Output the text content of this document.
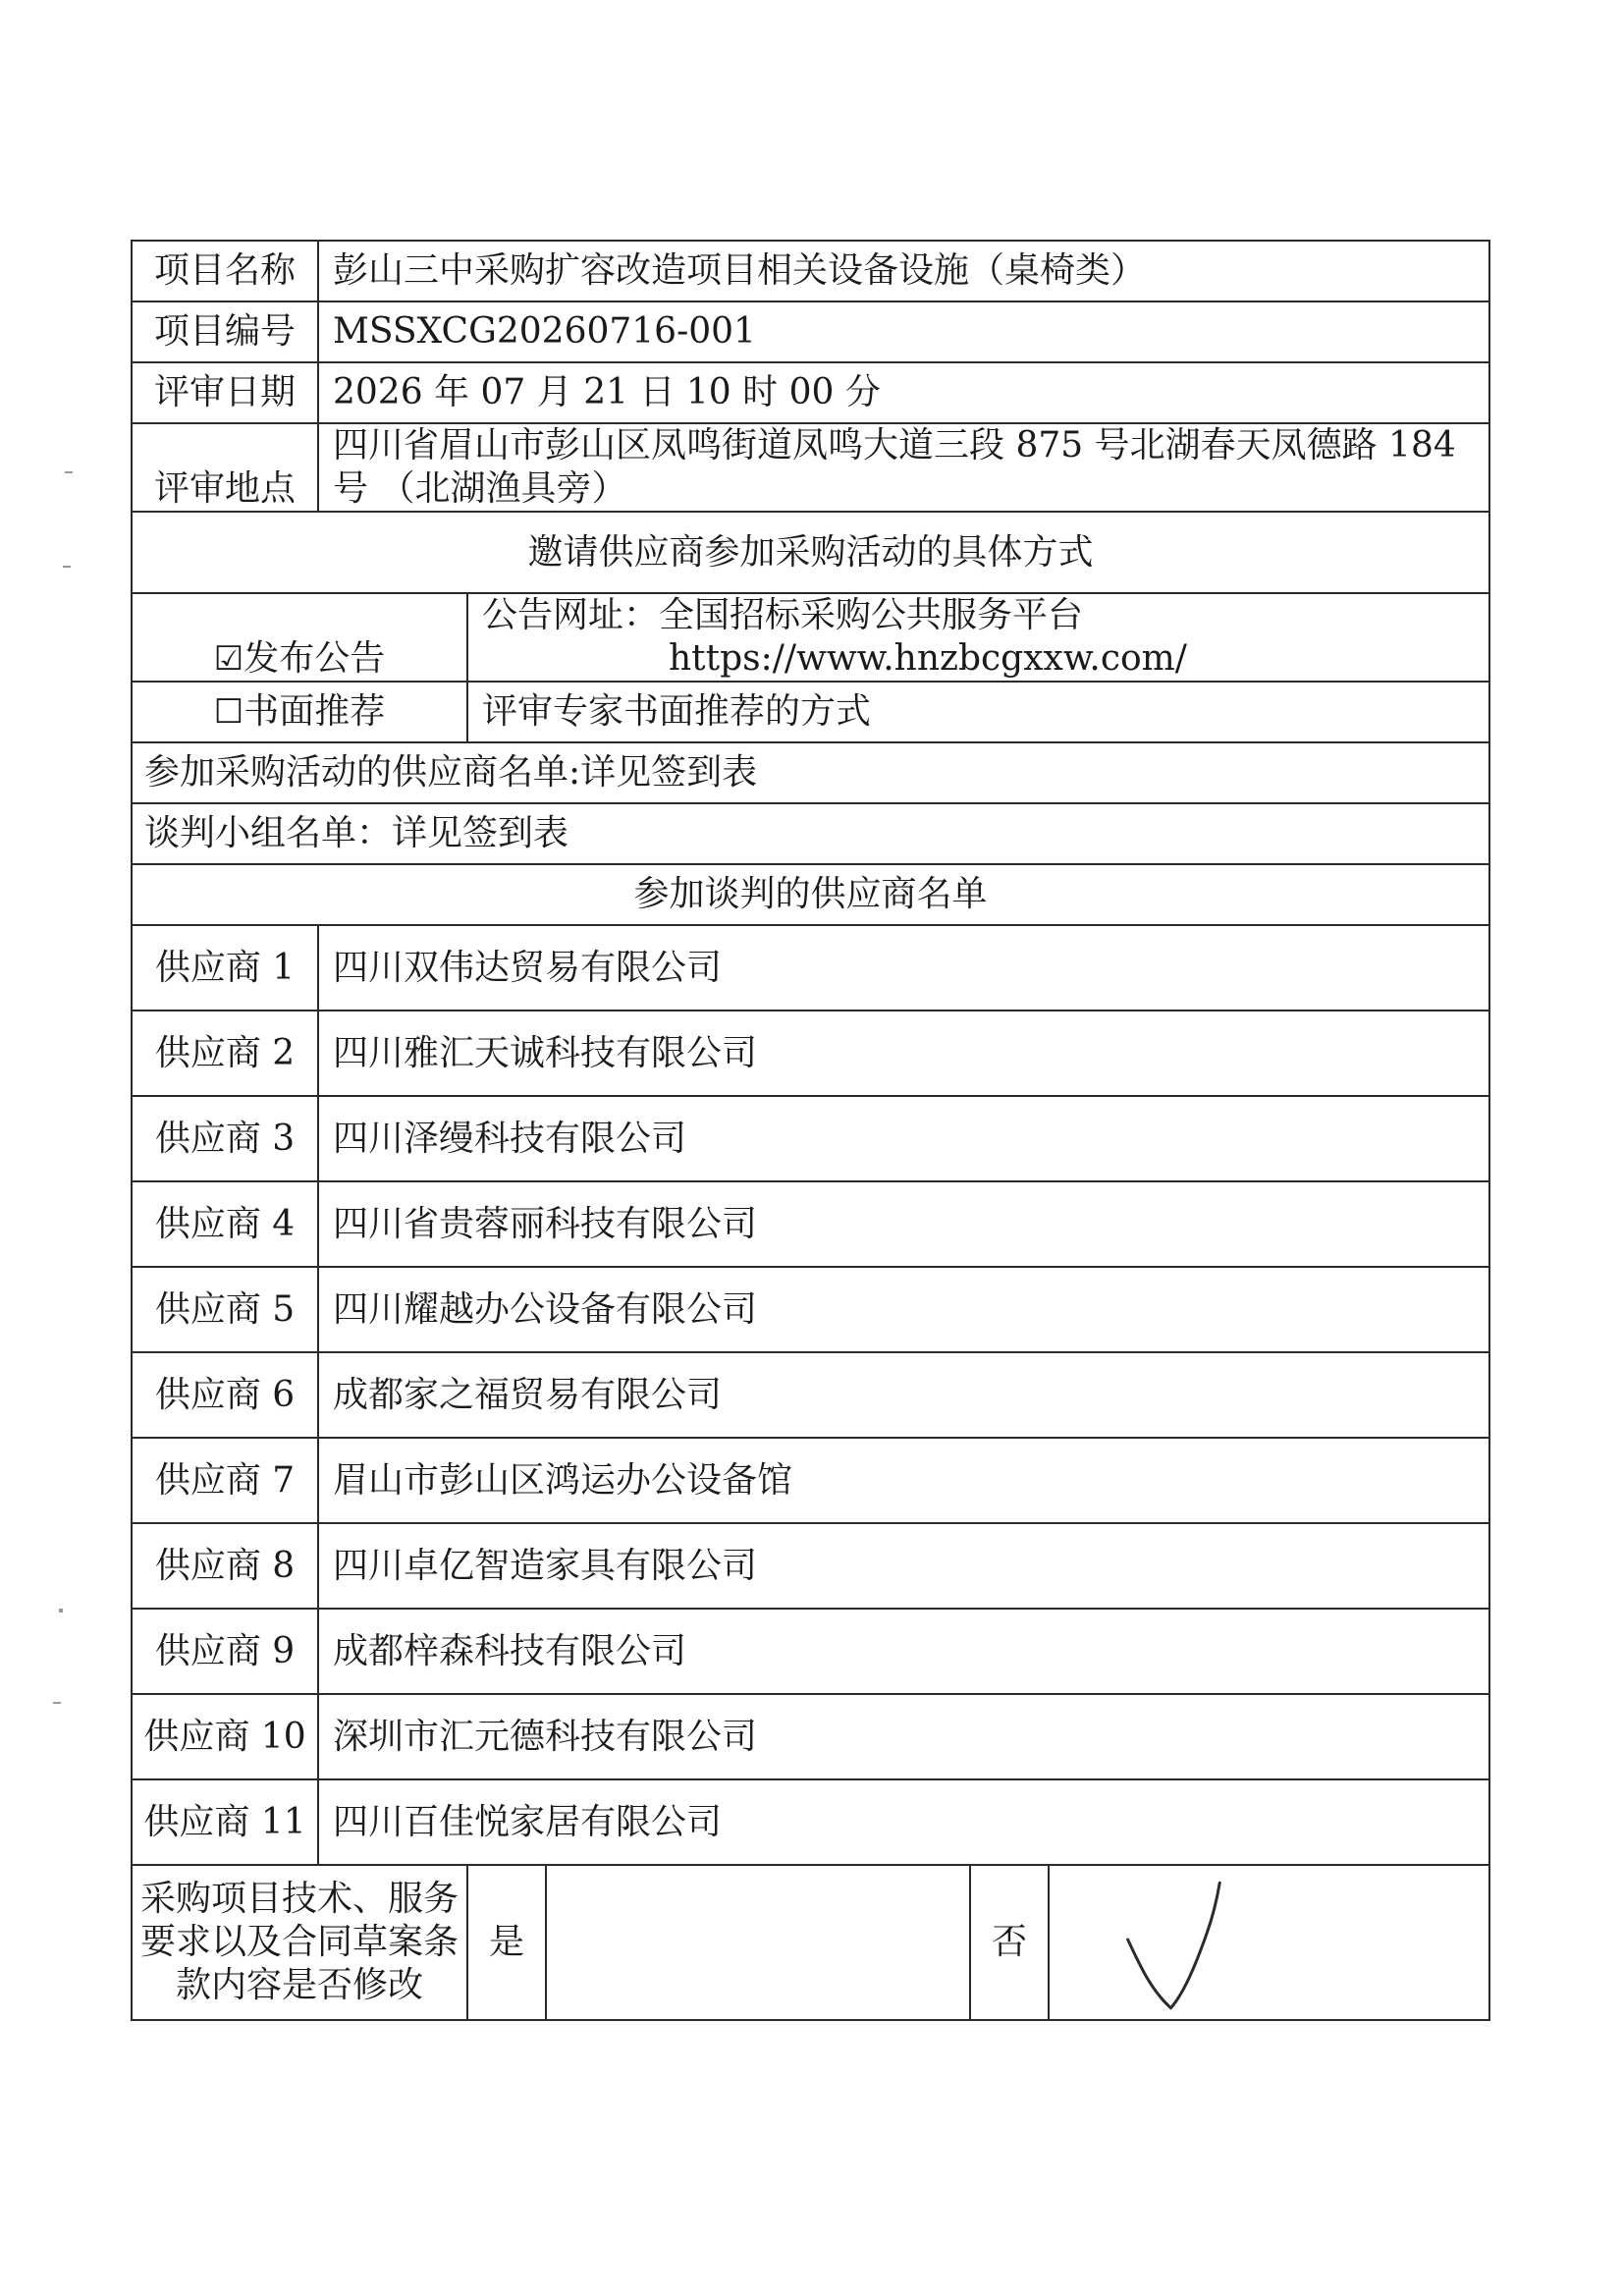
项目名称	彭山三中采购扩容改造项目相关设备设施（桌椅类）				
项目编号	MSSXCG20260716-001				
评审日期	2026 年 07 月 21 日 10 时 00 分				
评审地点	四川省眉山市彭山区凤鸣街道凤鸣大道三段 875 号北湖春天凤德路 184 号 （北湖渔具旁）				
邀请供应商参加采购活动的具体方式					
☑发布公告		公告网址：全国招标采购公共服务平台
https://www.hnzbcgxxw.com/			

☐书面推荐		评审专家书面推荐的方式			
参加采购活动的供应商名单:详见签到表					
谈判小组名单：详见签到表					
参加谈判的供应商名单					
供应商 1	四川双伟达贸易有限公司				
供应商 2	四川雅汇天诚科技有限公司				
供应商 3	四川泽缦科技有限公司				
供应商 4	四川省贵蓉丽科技有限公司				
供应商 5	四川耀越办公设备有限公司				
供应商 6	成都家之福贸易有限公司				
供应商 7	眉山市彭山区鸿运办公设备馆				
供应商 8	四川卓亿智造家具有限公司				
供应商 9	成都梓森科技有限公司				
供应商 10	深圳市汇元德科技有限公司				
供应商 11	四川百佳悦家居有限公司				
采购项目技术、服务要求以及合同草案条款内容是否修改		是		否	
